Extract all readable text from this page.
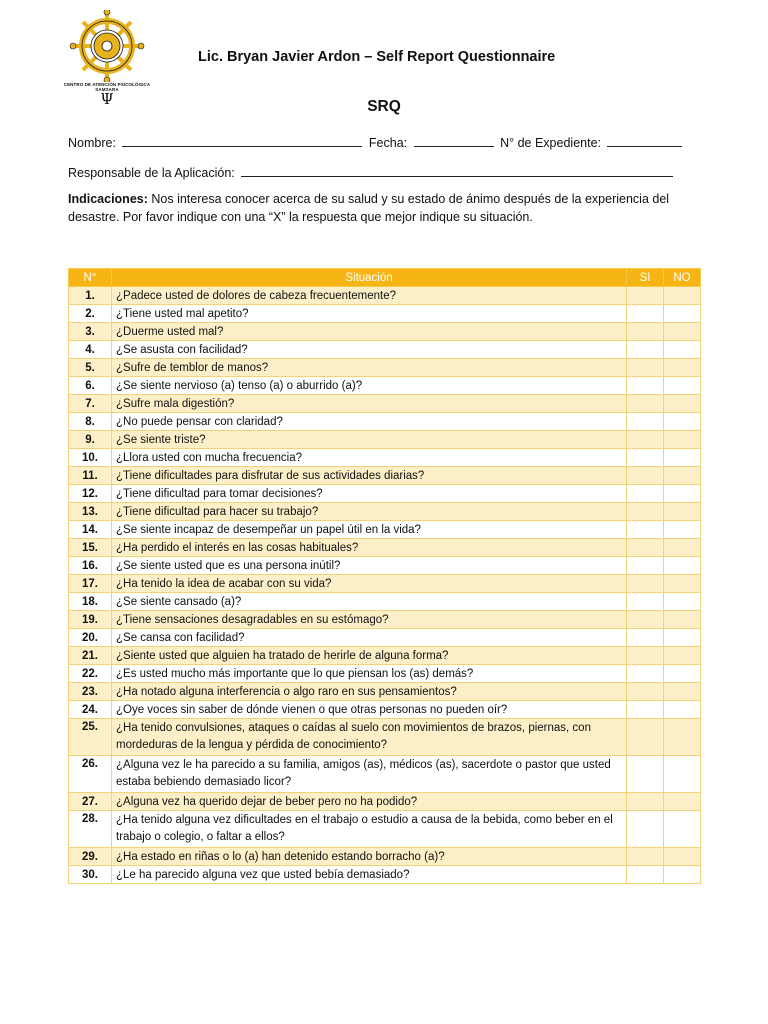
CENTRO DE ATENCIÓN PSICOLÓGICA SAMSARA
Ψ
Lic. Bryan Javier Ardon – Self Report Questionnaire
SRQ
Nombre:	Fecha:	N° de Expediente:
Responsable de la Aplicación:
Indicaciones: Nos interesa conocer acerca de su salud y su estado de ánimo después de la experiencia del desastre. Por favor indique con una “X” la respuesta que mejor indique su situación.
N°	Situación	SI	NO
1.	¿Padece usted de dolores de cabeza frecuentemente?		
2.	¿Tiene usted mal apetito?		
3.	¿Duerme usted mal?		
4.	¿Se asusta con facilidad?		
5.	¿Sufre de temblor de manos?		
6.	¿Se siente nervioso (a) tenso (a) o aburrido (a)?		
7.	¿Sufre mala digestión?		
8.	¿No puede pensar con claridad?		
9.	¿Se siente triste?		
10.	¿Llora usted con mucha frecuencia?		
11.	¿Tiene dificultades para disfrutar de sus actividades diarias?		
12.	¿Tiene dificultad para tomar decisiones?		
13.	¿Tiene dificultad para hacer su trabajo?		
14.	¿Se siente incapaz de desempeñar un papel útil en la vida?		
15.	¿Ha perdido el interés en las cosas habituales?		
16.	¿Se siente usted que es una persona inútil?		
17.	¿Ha tenido la idea de acabar con su vida?		
18.	¿Se siente cansado (a)?		
19.	¿Tiene sensaciones desagradables en su estómago?		
20.	¿Se cansa con facilidad?		
21.	¿Siente usted que alguien ha tratado de herirle de alguna forma?		
22.	¿Es usted mucho más importante que lo que piensan los (as) demás?		
23.	¿Ha notado alguna interferencia o algo raro en sus pensamientos?		
24.	¿Oye voces sin saber de dónde vienen o que otras personas no pueden oír?		
25.	¿Ha tenido convulsiones, ataques o caídas al suelo con movimientos de brazos, piernas, con mordeduras de la lengua y pérdida de conocimiento?		
26.	¿Alguna vez le ha parecido a su familia, amigos (as), médicos (as), sacerdote o pastor que usted estaba bebiendo demasiado licor?		
27.	¿Alguna vez ha querido dejar de beber pero no ha podido?		
28.	¿Ha tenido alguna vez dificultades en el trabajo o estudio a causa de la bebida, como beber en el trabajo o colegio, o faltar a ellos?		
29.	¿Ha estado en riñas o lo (a) han detenido estando borracho (a)?		
30.	¿Le ha parecido alguna vez que usted bebía demasiado?		
